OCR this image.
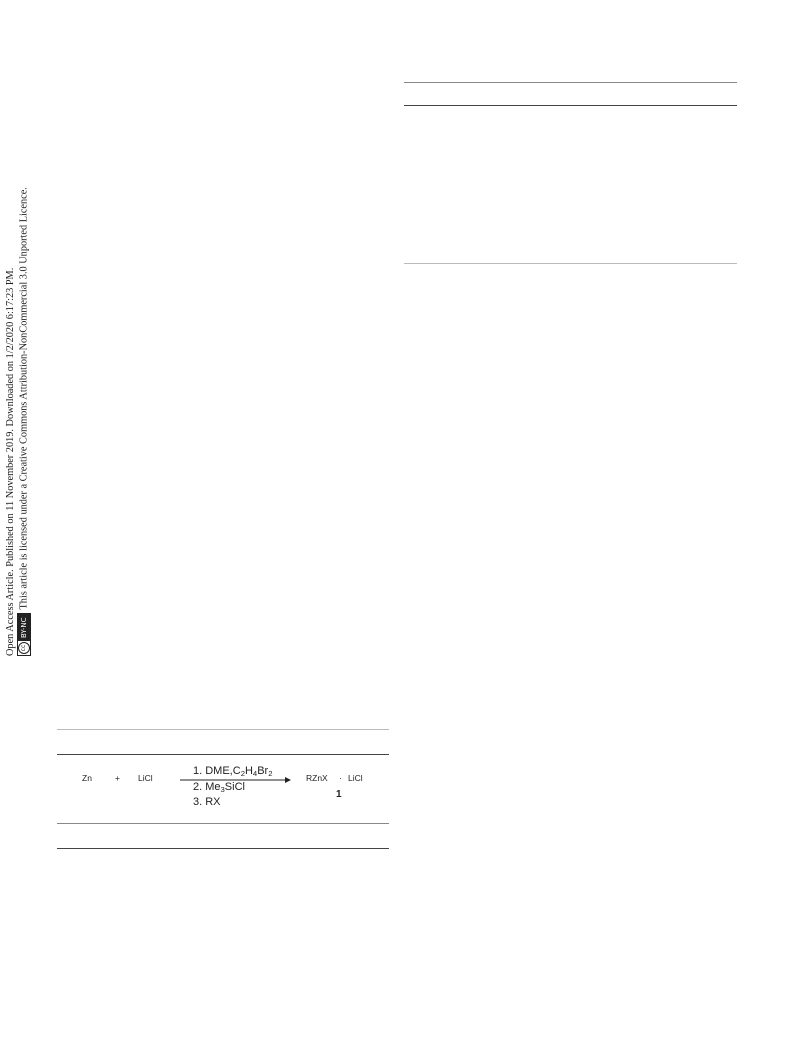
Open Access Article. Published on 11 November 2019. Downloaded on 1/2/2020 6:17:23 PM. cc
BY-NC
This article is licensed under a Creative Commons Attribution-NonCommercial 3.0 Unported Licence.
Zn	+ LiCl
1. $DME,C_2H_4Br_2$
2. $Me_3SiCl$
3. RX
RZnX · LiCl
1
